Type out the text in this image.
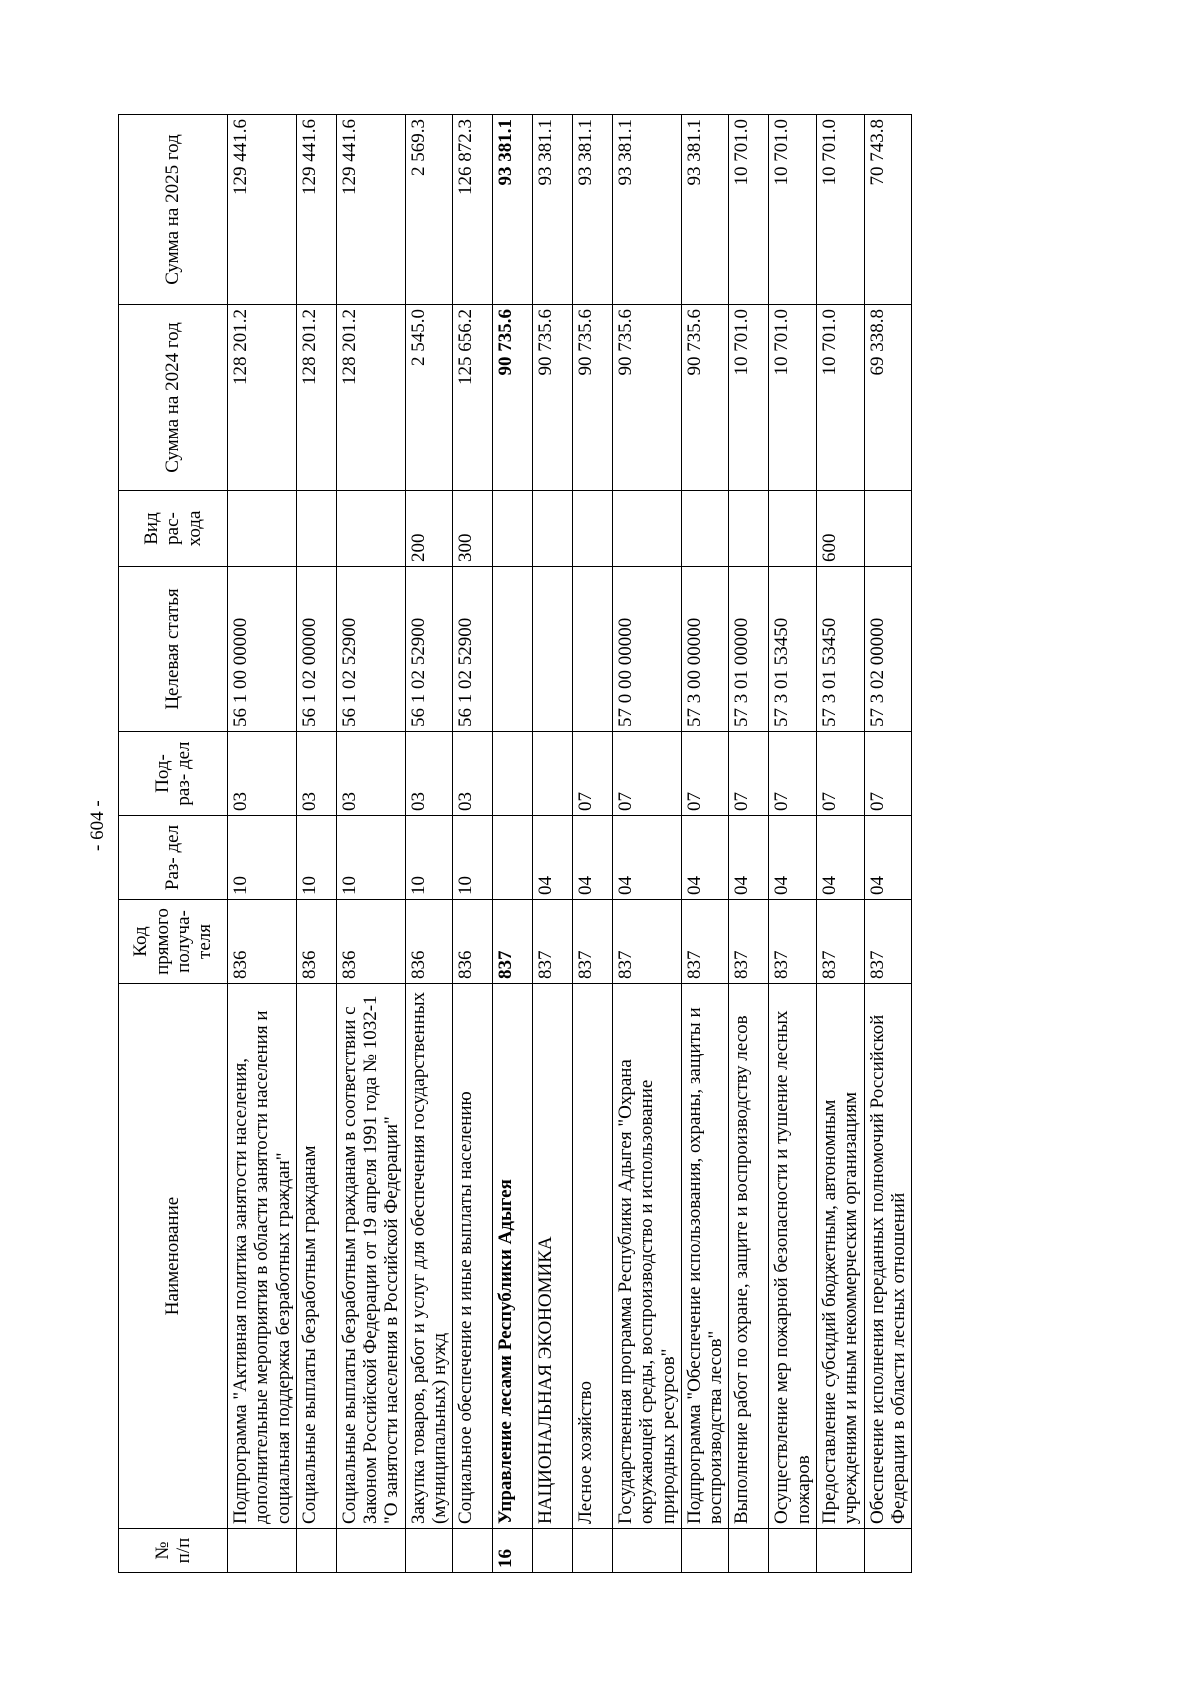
- 604 -
№ п/п	Наименование	Код прямого получа- теля	Раз- дел	Под- раз- дел	Целевая статья	Вид рас- хода	Сумма на 2024 год	Сумма на 2025 год
	Подпрограмма "Активная политика занятости населения, дополнительные мероприятия в области занятости населения и социальная поддержка безработных граждан"	836	10	03	56 1 00 00000		128 201.2	129 441.6
	Социальные выплаты безработным гражданам	836	10	03	56 1 02 00000		128 201.2	129 441.6
	Социальные выплаты безработным гражданам в соответствии с Законом Российской Федерации от 19 апреля 1991 года № 1032-1 "О занятости населения в Российской Федерации"	836	10	03	56 1 02 52900		128 201.2	129 441.6
	Закупка товаров, работ и услуг для обеспечения государственных (муниципальных) нужд	836	10	03	56 1 02 52900	200	2 545.0	2 569.3
	Социальное обеспечение и иные выплаты населению	836	10	03	56 1 02 52900	300	125 656.2	126 872.3
16	Управление лесами Республики Адыгея	837					90 735.6	93 381.1
	НАЦИОНАЛЬНАЯ ЭКОНОМИКА	837	04				90 735.6	93 381.1
	Лесное хозяйство	837	04	07			90 735.6	93 381.1
	Государственная программа Республики Адыгея "Охрана окружающей среды, воспроизводство и использование природных ресурсов"	837	04	07	57 0 00 00000		90 735.6	93 381.1
	Подпрограмма "Обеспечение использования, охраны, защиты и воспроизводства лесов"	837	04	07	57 3 00 00000		90 735.6	93 381.1
	Выполнение работ по охране, защите и воспроизводству лесов	837	04	07	57 3 01 00000		10 701.0	10 701.0
	Осуществление мер пожарной безопасности и тушение лесных пожаров	837	04	07	57 3 01 53450		10 701.0	10 701.0
	Предоставление субсидий бюджетным, автономным учреждениям и иным некоммерческим организациям	837	04	07	57 3 01 53450	600	10 701.0	10 701.0
	Обеспечение исполнения переданных полномочий Российской Федерации в области лесных отношений	837	04	07	57 3 02 00000		69 338.8	70 743.8
